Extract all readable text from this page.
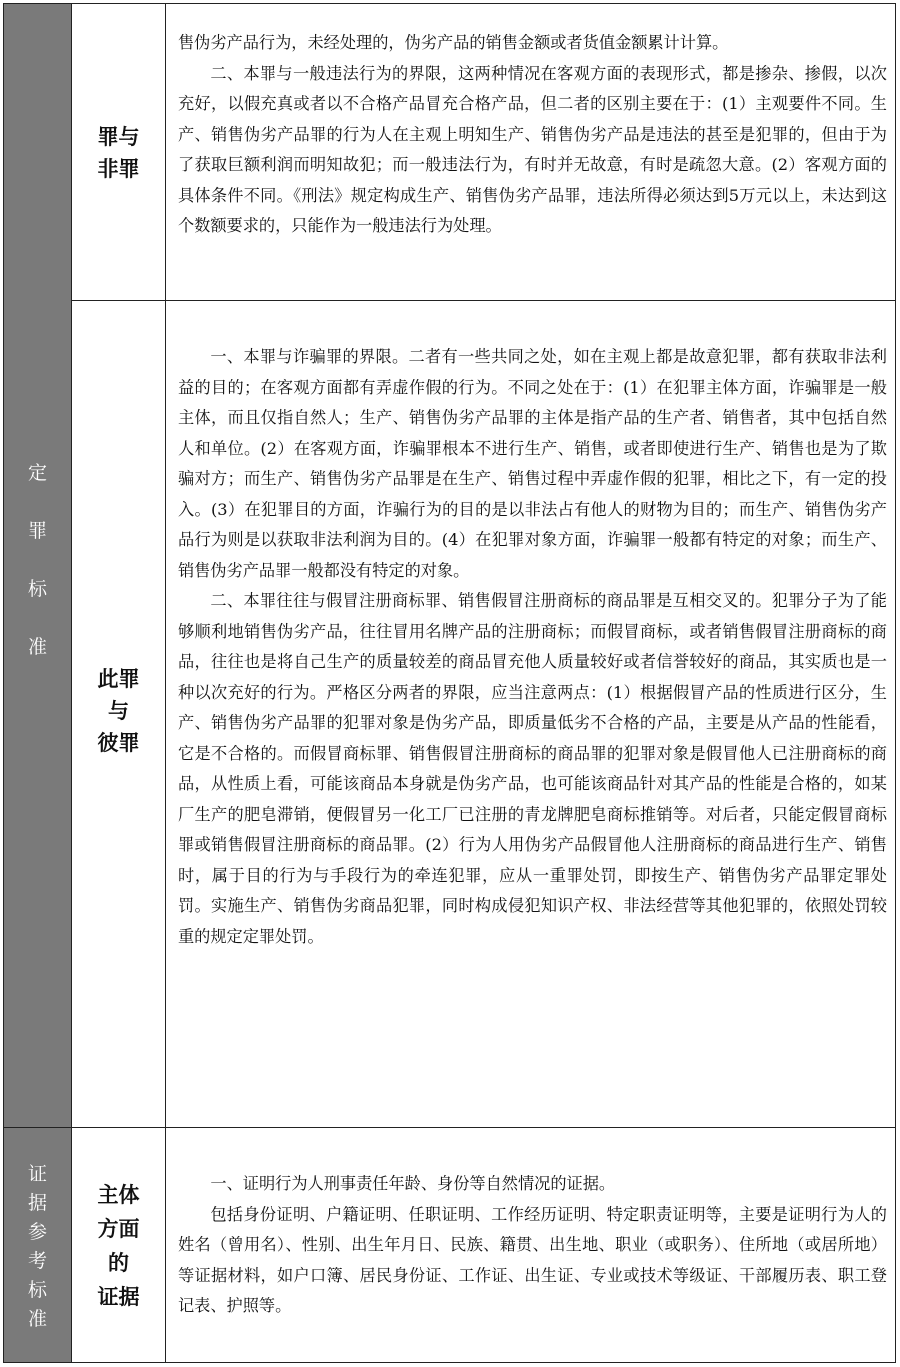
定
罪
标
准
罪与
非罪

售伪劣产品行为，未经处理的，伪劣产品的销售金额或者货值金额累计计算。

二、本罪与一般违法行为的界限，这两种情况在客观方面的表现形式，都是掺杂、掺假，以次充好，以假充真或者以不合格产品冒充合格产品，但二者的区别主要在于：(1）主观要件不同。生产、销售伪劣产品罪的行为人在主观上明知生产、销售伪劣产品是违法的甚至是犯罪的，但由于为了获取巨额利润而明知故犯；而一般违法行为，有时并无故意，有时是疏忽大意。(2）客观方面的具体条件不同。《刑法》规定构成生产、销售伪劣产品罪，违法所得必须达到5万元以上，未达到这个数额要求的，只能作为一般违法行为处理。

此罪
与
彼罪

一、本罪与诈骗罪的界限。二者有一些共同之处，如在主观上都是故意犯罪，都有获取非法利益的目的；在客观方面都有弄虚作假的行为。不同之处在于：(1）在犯罪主体方面，诈骗罪是一般主体，而且仅指自然人；生产、销售伪劣产品罪的主体是指产品的生产者、销售者，其中包括自然人和单位。(2）在客观方面，诈骗罪根本不进行生产、销售，或者即使进行生产、销售也是为了欺骗对方；而生产、销售伪劣产品罪是在生产、销售过程中弄虚作假的犯罪，相比之下，有一定的投入。(3）在犯罪目的方面，诈骗行为的目的是以非法占有他人的财物为目的；而生产、销售伪劣产品行为则是以获取非法利润为目的。(4）在犯罪对象方面，诈骗罪一般都有特定的对象；而生产、销售伪劣产品罪一般都没有特定的对象。

二、本罪往往与假冒注册商标罪、销售假冒注册商标的商品罪是互相交叉的。犯罪分子为了能够顺利地销售伪劣产品，往往冒用名牌产品的注册商标；而假冒商标，或者销售假冒注册商标的商品，往往也是将自己生产的质量较差的商品冒充他人质量较好或者信誉较好的商品，其实质也是一种以次充好的行为。严格区分两者的界限，应当注意两点：(1）根据假冒产品的性质进行区分，生产、销售伪劣产品罪的犯罪对象是伪劣产品，即质量低劣不合格的产品，主要是从产品的性能看，它是不合格的。而假冒商标罪、销售假冒注册商标的商品罪的犯罪对象是假冒他人已注册商标的商品，从性质上看，可能该商品本身就是伪劣产品，也可能该商品针对其产品的性能是合格的，如某厂生产的肥皂滞销，便假冒另一化工厂已注册的青龙牌肥皂商标推销等。对后者，只能定假冒商标罪或销售假冒注册商标的商品罪。(2）行为人用伪劣产品假冒他人注册商标的商品进行生产、销售时，属于目的行为与手段行为的牵连犯罪，应从一重罪处罚，即按生产、销售伪劣产品罪定罪处罚。实施生产、销售伪劣商品犯罪，同时构成侵犯知识产权、非法经营等其他犯罪的，依照处罚较重的规定定罪处罚。

证
据
参
考
标
准
主体
方面
的
证据

一、证明行为人刑事责任年龄、身份等自然情况的证据。

包括身份证明、户籍证明、任职证明、工作经历证明、特定职责证明等，主要是证明行为人的姓名（曾用名）、性别、出生年月日、民族、籍贯、出生地、职业（或职务）、住所地（或居所地）等证据材料，如户口簿、居民身份证、工作证、出生证、专业或技术等级证、干部履历表、职工登记表、护照等。
